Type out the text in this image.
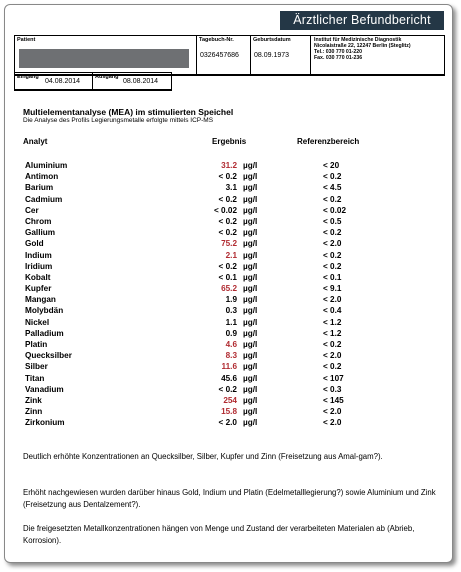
Ärztlicher Befundbericht
Patient	Tagebuch-Nr.
0326457686
Geburtsdatum
08.09.1973
Institut für Medizinische Diagnostik
Nicolaistraße 22, 12247 Berlin (Steglitz)
Tel.: 030 770 01-220
Fax. 030 770 01-236
Eingang
04.08.2014
Ausgang
08.08.2014
Multielementanalyse (MEA) im stimulierten Speichel
Die Analyse des Profils Legierungsmetalle erfolgte mittels ICP-MS
Analyt	Ergebnis	Referenzbereich
Aluminium	31.2 µg/l	< 20
Antimon	< 0.2 µg/l	< 0.2
Barium	3.1 µg/l	< 4.5
Cadmium	< 0.2 µg/l	< 0.2
Cer	< 0.02 µg/l	< 0.02
Chrom	< 0.2 µg/l	< 0.5
Gallium	< 0.2 µg/l	< 0.2
Gold	75.2 µg/l	< 2.0
Indium	2.1 µg/l	< 0.2
Iridium	< 0.2 µg/l	< 0.2
Kobalt	< 0.1 µg/l	< 0.1
Kupfer	65.2 µg/l	< 9.1
Mangan	1.9 µg/l	< 2.0
Molybdän	0.3 µg/l	< 0.4
Nickel	1.1 µg/l	< 1.2
Palladium	0.9 µg/l	< 1.2
Platin	4.6 µg/l	< 0.2
Quecksilber	8.3 µg/l	< 2.0
Silber	11.6 µg/l	< 0.2
Titan	45.6 µg/l	< 107
Vanadium	< 0.2 µg/l	< 0.3
Zink	254 µg/l	< 145
Zinn	15.8 µg/l	< 2.0
Zirkonium	< 2.0 µg/l	< 2.0
Deutlich erhöhte Konzentrationen an Quecksilber, Silber, Kupfer und Zinn (Freisetzung aus Amal-gam?).
Erhöht nachgewiesen wurden darüber hinaus Gold, Indium und Platin (Edelmetalllegierung?) sowie Aluminium und Zink (Freisetzung aus Dentalzement?).
Die freigesetzten Metallkonzentrationen hängen von Menge und Zustand der verarbeiteten Materialen ab (Abrieb, Korrosion).
